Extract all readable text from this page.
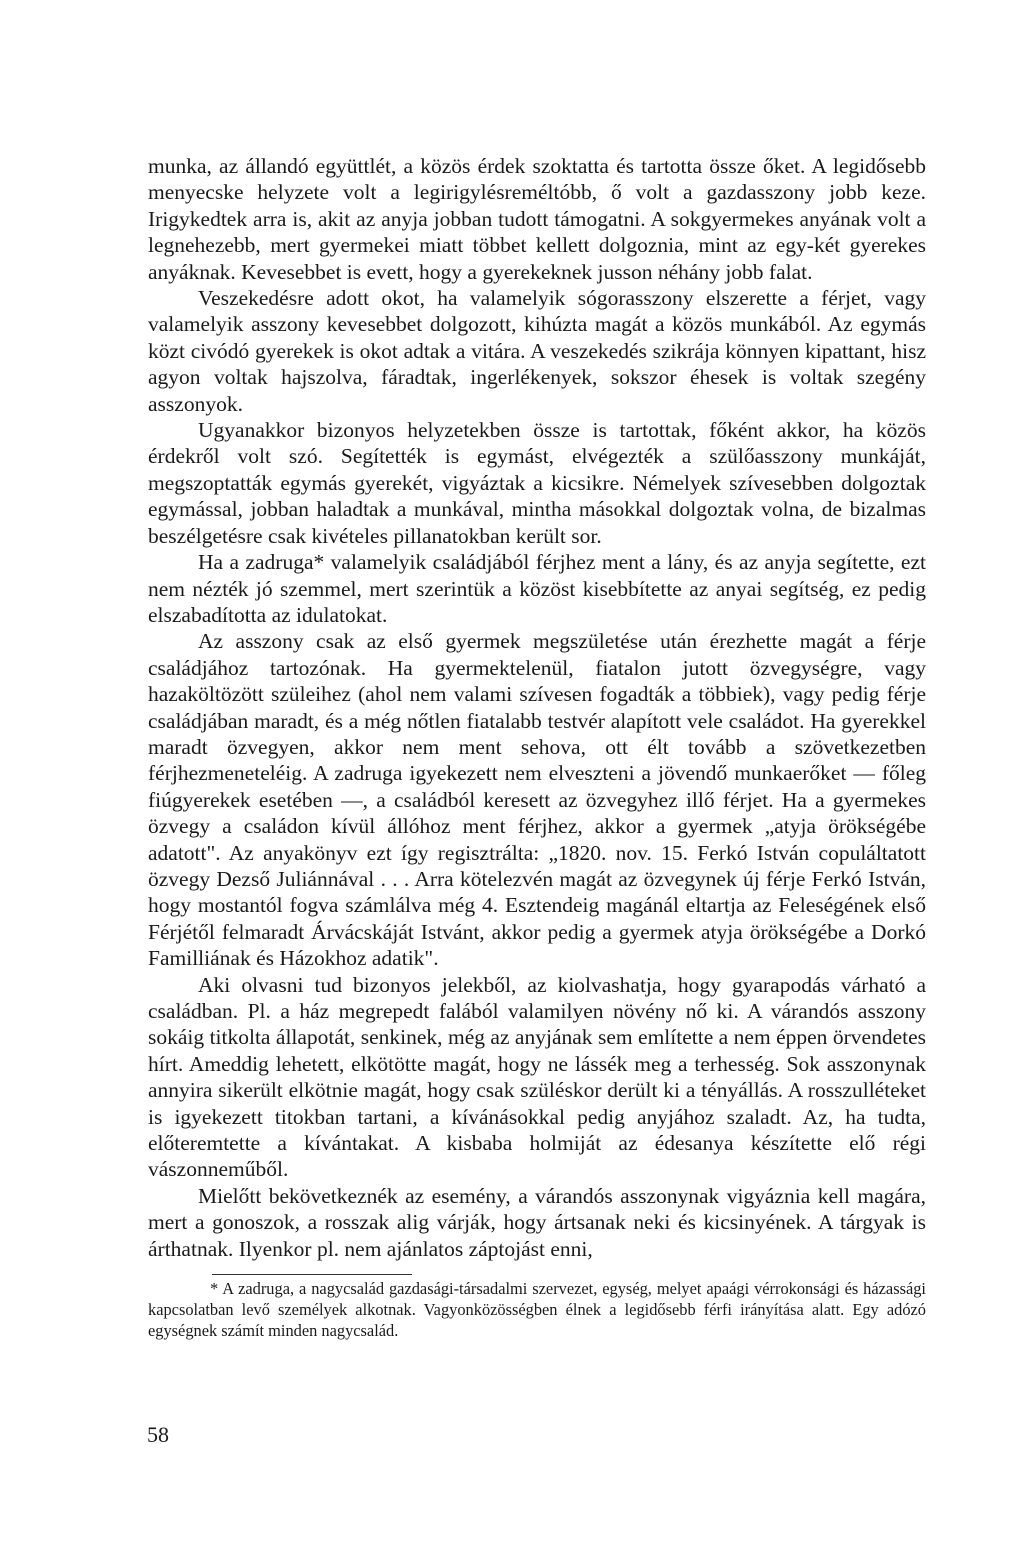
munka, az állandó együttlét, a közös érdek szoktatta és tartotta össze őket. A legidősebb menyecske helyzete volt a legirigylésreméltóbb, ő volt a gazdasszony jobb keze. Irigykedtek arra is, akit az anyja jobban tudott támogatni. A sokgyermekes anyának volt a legnehezebb, mert gyermekei miatt többet kellett dolgoznia, mint az egy-két gyerekes anyáknak. Kevesebbet is evett, hogy a gyerekeknek jusson néhány jobb falat.

Veszekedésre adott okot, ha valamelyik sógorasszony elszerette a férjet, vagy valamelyik asszony kevesebbet dolgozott, kihúzta magát a közös munkából. Az egymás közt civódó gyerekek is okot adtak a vitára. A veszekedés szikrája könnyen kipattant, hisz agyon voltak hajszolva, fáradtak, ingerlékenyek, sokszor éhesek is voltak szegény asszonyok.

Ugyanakkor bizonyos helyzetekben össze is tartottak, főként akkor, ha közös érdekről volt szó. Segítették is egymást, elvégezték a szülőasszony munkáját, megszoptatták egymás gyerekét, vigyáztak a kicsikre. Némelyek szívesebben dolgoztak egymással, jobban haladtak a munkával, mintha másokkal dolgoztak volna, de bizalmas beszélgetésre csak kivételes pillanatokban került sor.

Ha a zadruga* valamelyik családjából férjhez ment a lány, és az anyja segítette, ezt nem nézték jó szemmel, mert szerintük a közöst kisebbítette az anyai segítség, ez pedig elszabadította az idulatokat.

Az asszony csak az első gyermek megszületése után érezhette magát a férje családjához tartozónak. Ha gyermektelenül, fiatalon jutott özvegységre, vagy hazaköltözött szüleihez (ahol nem valami szívesen fogadták a többiek), vagy pedig férje családjában maradt, és a még nőtlen fiatalabb testvér alapított vele családot. Ha gyerekkel maradt özvegyen, akkor nem ment sehova, ott élt tovább a szövetkezetben férjhezmeneteléig. A zadruga igyekezett nem elveszteni a jövendő munkaerőket — főleg fiúgyerekek esetében —, a családból keresett az özvegyhez illő férjet. Ha a gyermekes özvegy a családon kívül állóhoz ment férjhez, akkor a gyermek „atyja örökségébe adatott". Az anyakönyv ezt így regisztrálta: „1820. nov. 15. Ferkó István copuláltatott özvegy Dezső Juliánnával . . . Arra kötelezvén magát az özvegynek új férje Ferkó István, hogy mostantól fogva számlálva még 4. Esztendeig magánál eltartja az Feleségének első Férjétől felmaradt Árvácskáját Istvánt, akkor pedig a gyermek atyja örökségébe a Dorkó Familliának és Házokhoz adatik".

Aki olvasni tud bizonyos jelekből, az kiolvashatja, hogy gyarapodás várható a családban. Pl. a ház megrepedt falából valamilyen növény nő ki. A várandós asszony sokáig titkolta állapotát, senkinek, még az anyjának sem említette a nem éppen örvendetes hírt. Ameddig lehetett, elkötötte magát, hogy ne lássék meg a terhesség. Sok asszonynak annyira sikerült elkötnie magát, hogy csak szüléskor derült ki a tényállás. A rosszulléteket is igyekezett titokban tartani, a kívánásokkal pedig anyjához szaladt. Az, ha tudta, előteremtette a kívántakat. A kisbaba holmiját az édesanya készítette elő régi vászonneműből.

Mielőtt bekövetkeznék az esemény, a várandós asszonynak vigyáznia kell magára, mert a gonoszok, a rosszak alig várják, hogy ártsanak neki és kicsinyének. A tárgyak is árthatnak. Ilyenkor pl. nem ajánlatos záptojást enni,

* A zadruga, a nagycsalád gazdasági-társadalmi szervezet, egység, melyet apaági vérrokonsági és házassági kapcsolatban levő személyek alkotnak. Vagyonközösségben élnek a legidősebb férfi irányítása alatt. Egy adózó egységnek számít minden nagycsalád.

58
